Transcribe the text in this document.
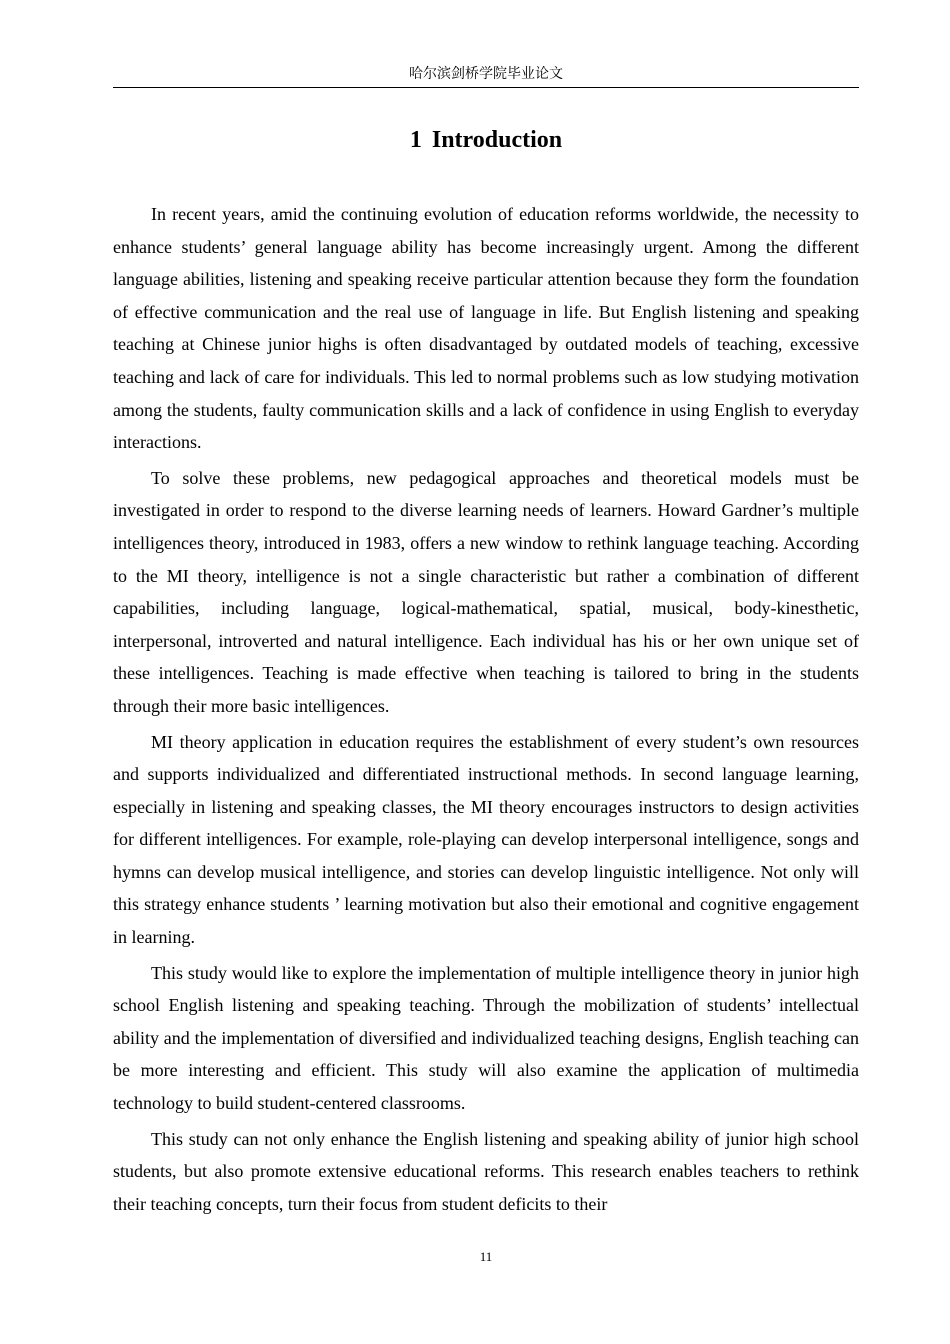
哈尔滨剑桥学院毕业论文
1 Introduction

In recent years, amid the continuing evolution of education reforms worldwide, the necessity to enhance students’ general language ability has become increasingly urgent. Among the different language abilities, listening and speaking receive particular attention because they form the foundation of effective communication and the real use of language in life. But English listening and speaking teaching at Chinese junior highs is often disadvantaged by outdated models of teaching, excessive teaching and lack of care for individuals. This led to normal problems such as low studying motivation among the students, faulty communication skills and a lack of confidence in using English to everyday interactions.

To solve these problems, new pedagogical approaches and theoretical models must be investigated in order to respond to the diverse learning needs of learners. Howard Gardner’s multiple intelligences theory, introduced in 1983, offers a new window to rethink language teaching. According to the MI theory, intelligence is not a single characteristic but rather a combination of different capabilities, including language, logical-mathematical, spatial, musical, body-kinesthetic, interpersonal, introverted and natural intelligence. Each individual has his or her own unique set of these intelligences. Teaching is made effective when teaching is tailored to bring in the students through their more basic intelligences.

MI theory application in education requires the establishment of every student’s own resources and supports individualized and differentiated instructional methods. In second language learning, especially in listening and speaking classes, the MI theory encourages instructors to design activities for different intelligences. For example, role-playing can develop interpersonal intelligence, songs and hymns can develop musical intelligence, and stories can develop linguistic intelligence. Not only will this strategy enhance students ’ learning motivation but also their emotional and cognitive engagement in learning.

This study would like to explore the implementation of multiple intelligence theory in junior high school English listening and speaking teaching. Through the mobilization of students’ intellectual ability and the implementation of diversified and individualized teaching designs, English teaching can be more interesting and efficient. This study will also examine the application of multimedia technology to build student-centered classrooms.

This study can not only enhance the English listening and speaking ability of junior high school students, but also promote extensive educational reforms. This research enables teachers to rethink their teaching concepts, turn their focus from student deficits to their

11
